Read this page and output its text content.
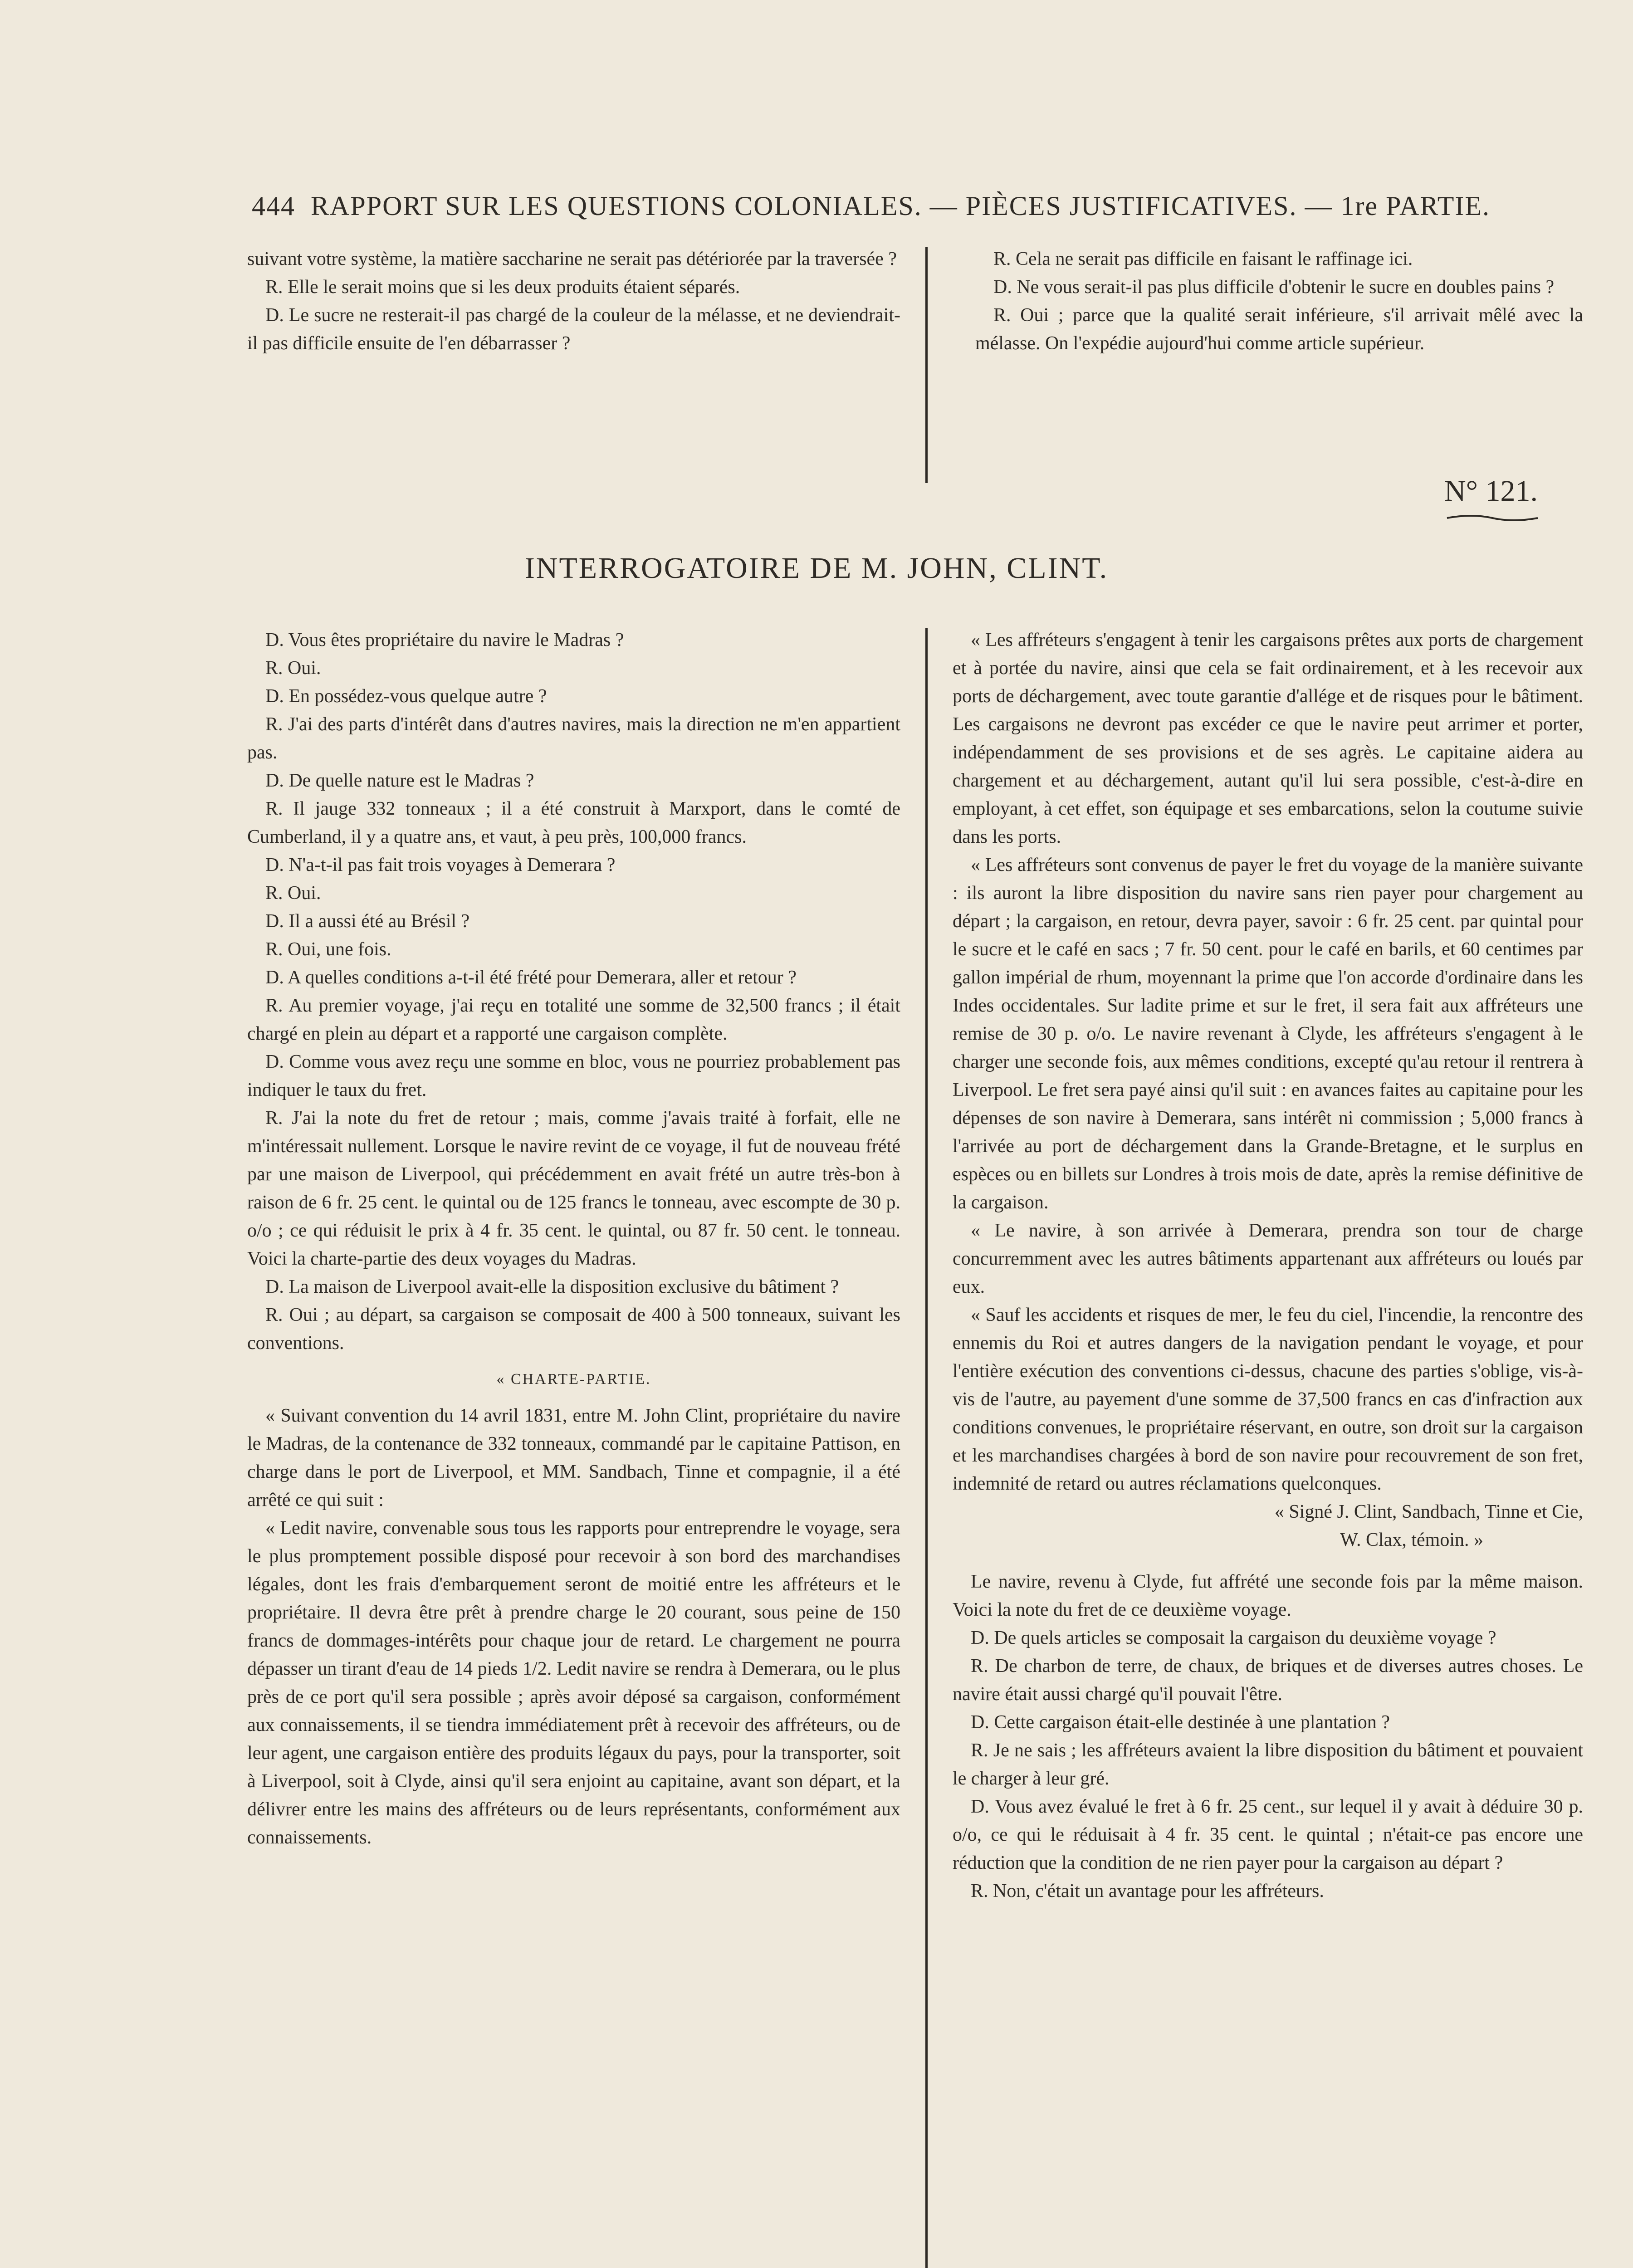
444 RAPPORT SUR LES QUESTIONS COLONIALES. — PIÈCES JUSTIFICATIVES. — 1re PARTIE.

suivant votre système, la matière saccharine ne serait pas détériorée par la traversée ?

R. Elle le serait moins que si les deux produits étaient séparés.

D. Le sucre ne resterait-il pas chargé de la couleur de la mélasse, et ne deviendrait-il pas difficile ensuite de l'en débarrasser ?

R. Cela ne serait pas difficile en faisant le raffinage ici.

D. Ne vous serait-il pas plus difficile d'obtenir le sucre en doubles pains ?

R. Oui ; parce que la qualité serait inférieure, s'il arrivait mêlé avec la mélasse. On l'expédie aujourd'hui comme article supérieur.

N° 121.
INTERROGATOIRE DE M. JOHN, CLINT.

D. Vous êtes propriétaire du navire le Madras ?

R. Oui.

D. En possédez-vous quelque autre ?

R. J'ai des parts d'intérêt dans d'autres navires, mais la direction ne m'en appartient pas.

D. De quelle nature est le Madras ?

R. Il jauge 332 tonneaux ; il a été construit à Marxport, dans le comté de Cumberland, il y a quatre ans, et vaut, à peu près, 100,000 francs.

D. N'a-t-il pas fait trois voyages à Demerara ?

R. Oui.

D. Il a aussi été au Brésil ?

R. Oui, une fois.

D. A quelles conditions a-t-il été frété pour Demerara, aller et retour ?

R. Au premier voyage, j'ai reçu en totalité une somme de 32,500 francs ; il était chargé en plein au départ et a rapporté une cargaison complète.

D. Comme vous avez reçu une somme en bloc, vous ne pourriez probablement pas indiquer le taux du fret.

R. J'ai la note du fret de retour ; mais, comme j'avais traité à forfait, elle ne m'intéressait nullement. Lorsque le navire revint de ce voyage, il fut de nouveau frété par une maison de Liverpool, qui précédemment en avait frété un autre très-bon à raison de 6 fr. 25 cent. le quintal ou de 125 francs le tonneau, avec escompte de 30 p. o/o ; ce qui réduisit le prix à 4 fr. 35 cent. le quintal, ou 87 fr. 50 cent. le tonneau. Voici la charte-partie des deux voyages du Madras.

D. La maison de Liverpool avait-elle la disposition exclusive du bâtiment ?

R. Oui ; au départ, sa cargaison se composait de 400 à 500 tonneaux, suivant les conventions.

« CHARTE-PARTIE.

« Suivant convention du 14 avril 1831, entre M. John Clint, propriétaire du navire le Madras, de la contenance de 332 tonneaux, commandé par le capitaine Pattison, en charge dans le port de Liverpool, et MM. Sandbach, Tinne et compagnie, il a été arrêté ce qui suit :

« Ledit navire, convenable sous tous les rapports pour entreprendre le voyage, sera le plus promptement possible disposé pour recevoir à son bord des marchandises légales, dont les frais d'embarquement seront de moitié entre les affréteurs et le propriétaire. Il devra être prêt à prendre charge le 20 courant, sous peine de 150 francs de dommages-intérêts pour chaque jour de retard. Le chargement ne pourra dépasser un tirant d'eau de 14 pieds 1/2. Ledit navire se rendra à Demerara, ou le plus près de ce port qu'il sera possible ; après avoir déposé sa cargaison, conformément aux connaissements, il se tiendra immédiatement prêt à recevoir des affréteurs, ou de leur agent, une cargaison entière des produits légaux du pays, pour la transporter, soit à Liverpool, soit à Clyde, ainsi qu'il sera enjoint au capitaine, avant son départ, et la délivrer entre les mains des affréteurs ou de leurs représentants, conformément aux connaissements.

« Les affréteurs s'engagent à tenir les cargaisons prêtes aux ports de chargement et à portée du navire, ainsi que cela se fait ordinairement, et à les recevoir aux ports de déchargement, avec toute garantie d'allége et de risques pour le bâtiment. Les cargaisons ne devront pas excéder ce que le navire peut arrimer et porter, indépendamment de ses provisions et de ses agrès. Le capitaine aidera au chargement et au déchargement, autant qu'il lui sera possible, c'est-à-dire en employant, à cet effet, son équipage et ses embarcations, selon la coutume suivie dans les ports.

« Les affréteurs sont convenus de payer le fret du voyage de la manière suivante : ils auront la libre disposition du navire sans rien payer pour chargement au départ ; la cargaison, en retour, devra payer, savoir : 6 fr. 25 cent. par quintal pour le sucre et le café en sacs ; 7 fr. 50 cent. pour le café en barils, et 60 centimes par gallon impérial de rhum, moyennant la prime que l'on accorde d'ordinaire dans les Indes occidentales. Sur ladite prime et sur le fret, il sera fait aux affréteurs une remise de 30 p. o/o. Le navire revenant à Clyde, les affréteurs s'engagent à le charger une seconde fois, aux mêmes conditions, excepté qu'au retour il rentrera à Liverpool. Le fret sera payé ainsi qu'il suit : en avances faites au capitaine pour les dépenses de son navire à Demerara, sans intérêt ni commission ; 5,000 francs à l'arrivée au port de déchargement dans la Grande-Bretagne, et le surplus en espèces ou en billets sur Londres à trois mois de date, après la remise définitive de la cargaison.

« Le navire, à son arrivée à Demerara, prendra son tour de charge concurremment avec les autres bâtiments appartenant aux affréteurs ou loués par eux.

« Sauf les accidents et risques de mer, le feu du ciel, l'incendie, la rencontre des ennemis du Roi et autres dangers de la navigation pendant le voyage, et pour l'entière exécution des conventions ci-dessus, chacune des parties s'oblige, vis-à-vis de l'autre, au payement d'une somme de 37,500 francs en cas d'infraction aux conditions convenues, le propriétaire réservant, en outre, son droit sur la cargaison et les marchandises chargées à bord de son navire pour recouvrement de son fret, indemnité de retard ou autres réclamations quelconques.

« Signé J. Clint, Sandbach, Tinne et Cie,

W. Clax, témoin. »

Le navire, revenu à Clyde, fut affrété une seconde fois par la même maison. Voici la note du fret de ce deuxième voyage.

D. De quels articles se composait la cargaison du deuxième voyage ?

R. De charbon de terre, de chaux, de briques et de diverses autres choses. Le navire était aussi chargé qu'il pouvait l'être.

D. Cette cargaison était-elle destinée à une plantation ?

R. Je ne sais ; les affréteurs avaient la libre disposition du bâtiment et pouvaient le charger à leur gré.

D. Vous avez évalué le fret à 6 fr. 25 cent., sur lequel il y avait à déduire 30 p. o/o, ce qui le réduisait à 4 fr. 35 cent. le quintal ; n'était-ce pas encore une réduction que la condition de ne rien payer pour la cargaison au départ ?

R. Non, c'était un avantage pour les affréteurs.
